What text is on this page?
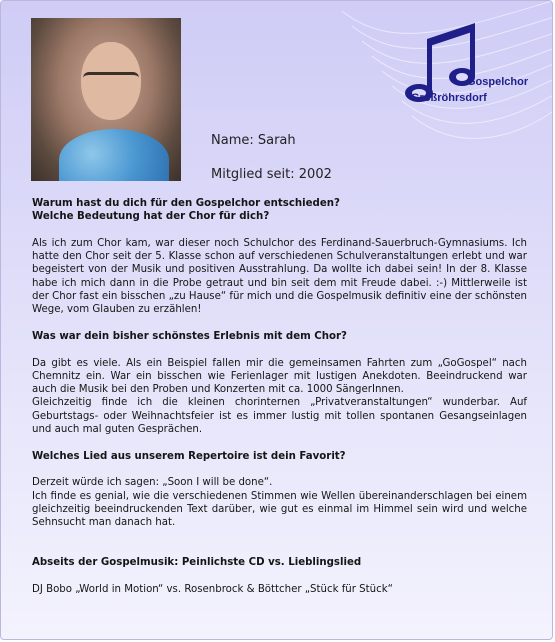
Gospelchor
Großröhrsdorf
Name: Sarah
Mitglied seit: 2002

Warum hast du dich für den Gospelchor entschieden?

Welche Bedeutung hat der Chor für dich?

Als ich zum Chor kam, war dieser noch Schulchor des Ferdinand-Sauerbruch-Gymnasiums. Ich hatte den Chor seit der 5. Klasse schon auf verschiedenen Schulveranstaltungen erlebt und war begeistert von der Musik und positiven Ausstrahlung. Da wollte ich dabei sein! In der 8. Klasse habe ich mich dann in die Probe getraut und bin seit dem mit Freude dabei. :-) Mittlerweile ist der Chor fast ein bisschen „zu Hause“ für mich und die Gospelmusik definitiv eine der schönsten Wege, vom Glauben zu erzählen!

Was war dein bisher schönstes Erlebnis mit dem Chor?

Da gibt es viele. Als ein Beispiel fallen mir die gemeinsamen Fahrten zum „GoGospel“ nach Chemnitz ein. War ein bisschen wie Ferienlager mit lustigen Anekdoten. Beeindruckend war auch die Musik bei den Proben und Konzerten mit ca. 1000 SängerInnen.

Gleichzeitig finde ich die kleinen chorinternen „Privatveranstaltungen“ wunderbar. Auf Geburtstags- oder Weihnachtsfeier ist es immer lustig mit tollen spontanen Gesangseinlagen und auch mal guten Gesprächen.

Welches Lied aus unserem Repertoire ist dein Favorit?

Derzeit würde ich sagen: „Soon I will be done“.

Ich finde es genial, wie die verschiedenen Stimmen wie Wellen übereinanderschlagen bei einem gleichzeitig beeindruckenden Text darüber, wie gut es einmal im Himmel sein wird und welche Sehnsucht man danach hat.

Abseits der Gospelmusik: Peinlichste CD vs. Lieblingslied

DJ Bobo „World in Motion“ vs. Rosenbrock & Böttcher „Stück für Stück“
